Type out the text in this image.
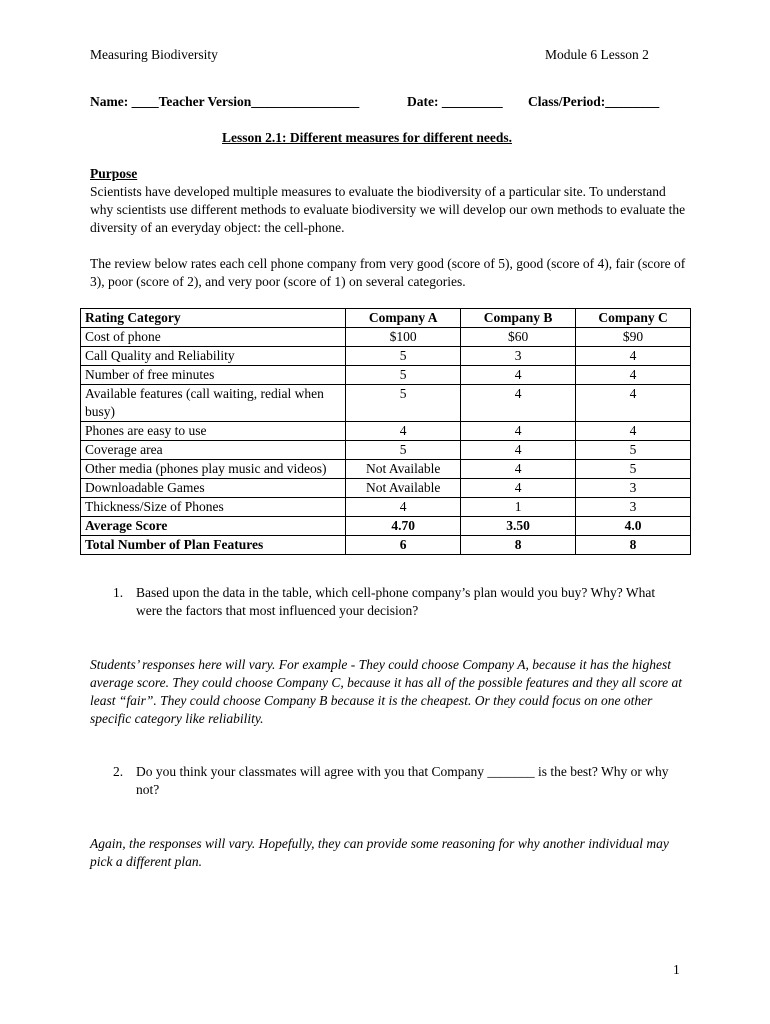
Measuring Biodiversity	Module 6 Lesson 2
Name: ____Teacher Version________________	Date: _________ Class/Period:________
Lesson 2.1: Different measures for different needs.
Purpose
Scientists have developed multiple measures to evaluate the biodiversity of a particular site. To understand why scientists use different methods to evaluate biodiversity we will develop our own methods to evaluate the diversity of an everyday object: the cell-phone.
The review below rates each cell phone company from very good (score of 5), good (score of 4), fair (score of 3), poor (score of 2), and very poor (score of 1) on several categories.
Rating Category	Company A	Company B	Company C
Cost of phone	$100	$60	$90
Call Quality and Reliability	5	3	4
Number of free minutes	5	4	4
Available features (call waiting, redial when busy)	5	4	4
Phones are easy to use	4	4	4
Coverage area	5	4	5
Other media (phones play music and videos)	Not Available	4	5
Downloadable Games	Not Available	4	3
Thickness/Size of Phones	4	1	3
Average Score	4.70	3.50	4.0
Total Number of Plan Features	6	8	8
1. Based upon the data in the table, which cell-phone company’s plan would you buy? Why? What were the factors that most influenced your decision?
Students’ responses here will vary. For example - They could choose Company A, because it has the highest average score. They could choose Company C, because it has all of the possible features and they all score at least “fair”. They could choose Company B because it is the cheapest. Or they could focus on one other specific category like reliability.
2. Do you think your classmates will agree with you that Company _______ is the best? Why or why not?
Again, the responses will vary. Hopefully, they can provide some reasoning for why another individual may pick a different plan.
1
